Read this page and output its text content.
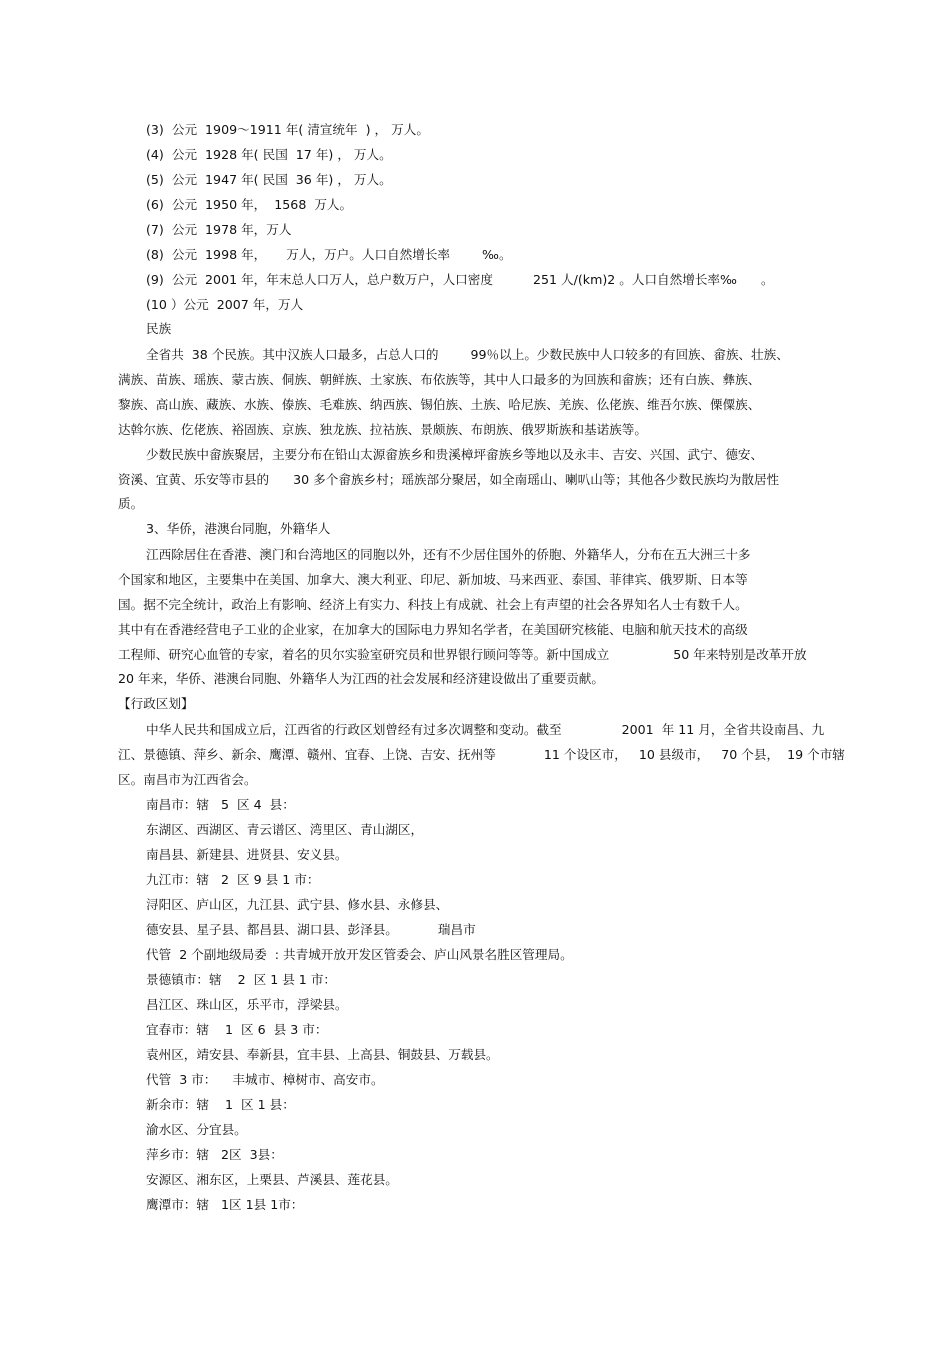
(3)  公元  1909～1911 年( 清宣统年  ) ， 万人。

(4)  公元  1928 年( 民国  17 年) ， 万人。

(5)  公元  1947 年( 民国  36 年) ， 万人。

(6)  公元  1950 年，  1568  万人。

(7)  公元  1978 年，万人

(8)  公元  1998 年，     万人，万户。人口自然增长率        ‰。

(9)  公元  2001 年，年末总人口万人，总户数万户，人口密度          251 人/(km)2 。人口自然增长率‰      。

(10 ）公元  2007 年，万人

民族

全省共  38 个民族。其中汉族人口最多，占总人口的        99％以上。少数民族中人口较多的有回族、畲族、壮族、

满族、苗族、瑶族、蒙古族、侗族、朝鲜族、土家族、布依族等，其中人口最多的为回族和畲族；还有白族、彝族、

黎族、高山族、藏族、水族、傣族、毛难族、纳西族、锡伯族、土族、哈尼族、羌族、仫佬族、维吾尔族、傈僳族、

达斡尔族、仡佬族、裕固族、京族、独龙族、拉祜族、景颇族、布朗族、俄罗斯族和基诺族等。

少数民族中畲族聚居，主要分布在铅山太源畲族乡和贵溪樟坪畲族乡等地以及永丰、吉安、兴国、武宁、德安、

资溪、宜黄、乐安等市县的      30 多个畲族乡村；瑶族部分聚居，如全南瑶山、喇叭山等；其他各少数民族均为散居性

质。

3、华侨，港澳台同胞，外籍华人

江西除居住在香港、澳门和台湾地区的同胞以外，还有不少居住国外的侨胞、外籍华人，分布在五大洲三十多

个国家和地区，主要集中在美国、加拿大、澳大利亚、印尼、新加坡、马来西亚、泰国、菲律宾、俄罗斯、日本等

国。据不完全统计，政治上有影响、经济上有实力、科技上有成就、社会上有声望的社会各界知名人士有数千人。

其中有在香港经营电子工业的企业家，在加拿大的国际电力界知名学者，在美国研究核能、电脑和航天技术的高级

工程师、研究心血管的专家，着名的贝尔实验室研究员和世界银行顾问等等。新中国成立                50 年来特别是改革开放

20 年来，华侨、港澳台同胞、外籍华人为江西的社会发展和经济建设做出了重要贡献。

【行政区划】

中华人民共和国成立后，江西省的行政区划曾经有过多次调整和变动。截至               2001  年 11 月，全省共设南昌、九

江、景德镇、萍乡、新余、鹰潭、赣州、宜春、上饶、吉安、抚州等            11 个设区市，   10 县级市，   70 个县，  19 个市辖

区。南昌市为江西省会。

南昌市：辖   5  区 4  县：

东湖区、西湖区、青云谱区、湾里区、青山湖区，

南昌县、新建县、进贤县、安义县。

九江市：辖   2  区 9 县 1 市：

浔阳区、庐山区，九江县、武宁县、修水县、永修县、

德安县、星子县、都昌县、湖口县、彭泽县。          瑞昌市

代管  2 个副地级局委  : 共青城开放开发区管委会、庐山风景名胜区管理局。

景德镇市：辖    2  区 1 县 1 市：

昌江区、珠山区，乐平市，浮梁县。

宜春市：辖    1  区 6  县 3 市：

袁州区，靖安县、奉新县，宜丰县、上高县、铜鼓县、万载县。

代管  3 市：    丰城市、樟树市、高安市。

新余市：辖    1  区 1 县：

渝水区、分宜县。

萍乡市：辖   2区  3县：

安源区、湘东区，上栗县、芦溪县、莲花县。

鹰潭市：辖   1区 1县 1市：
